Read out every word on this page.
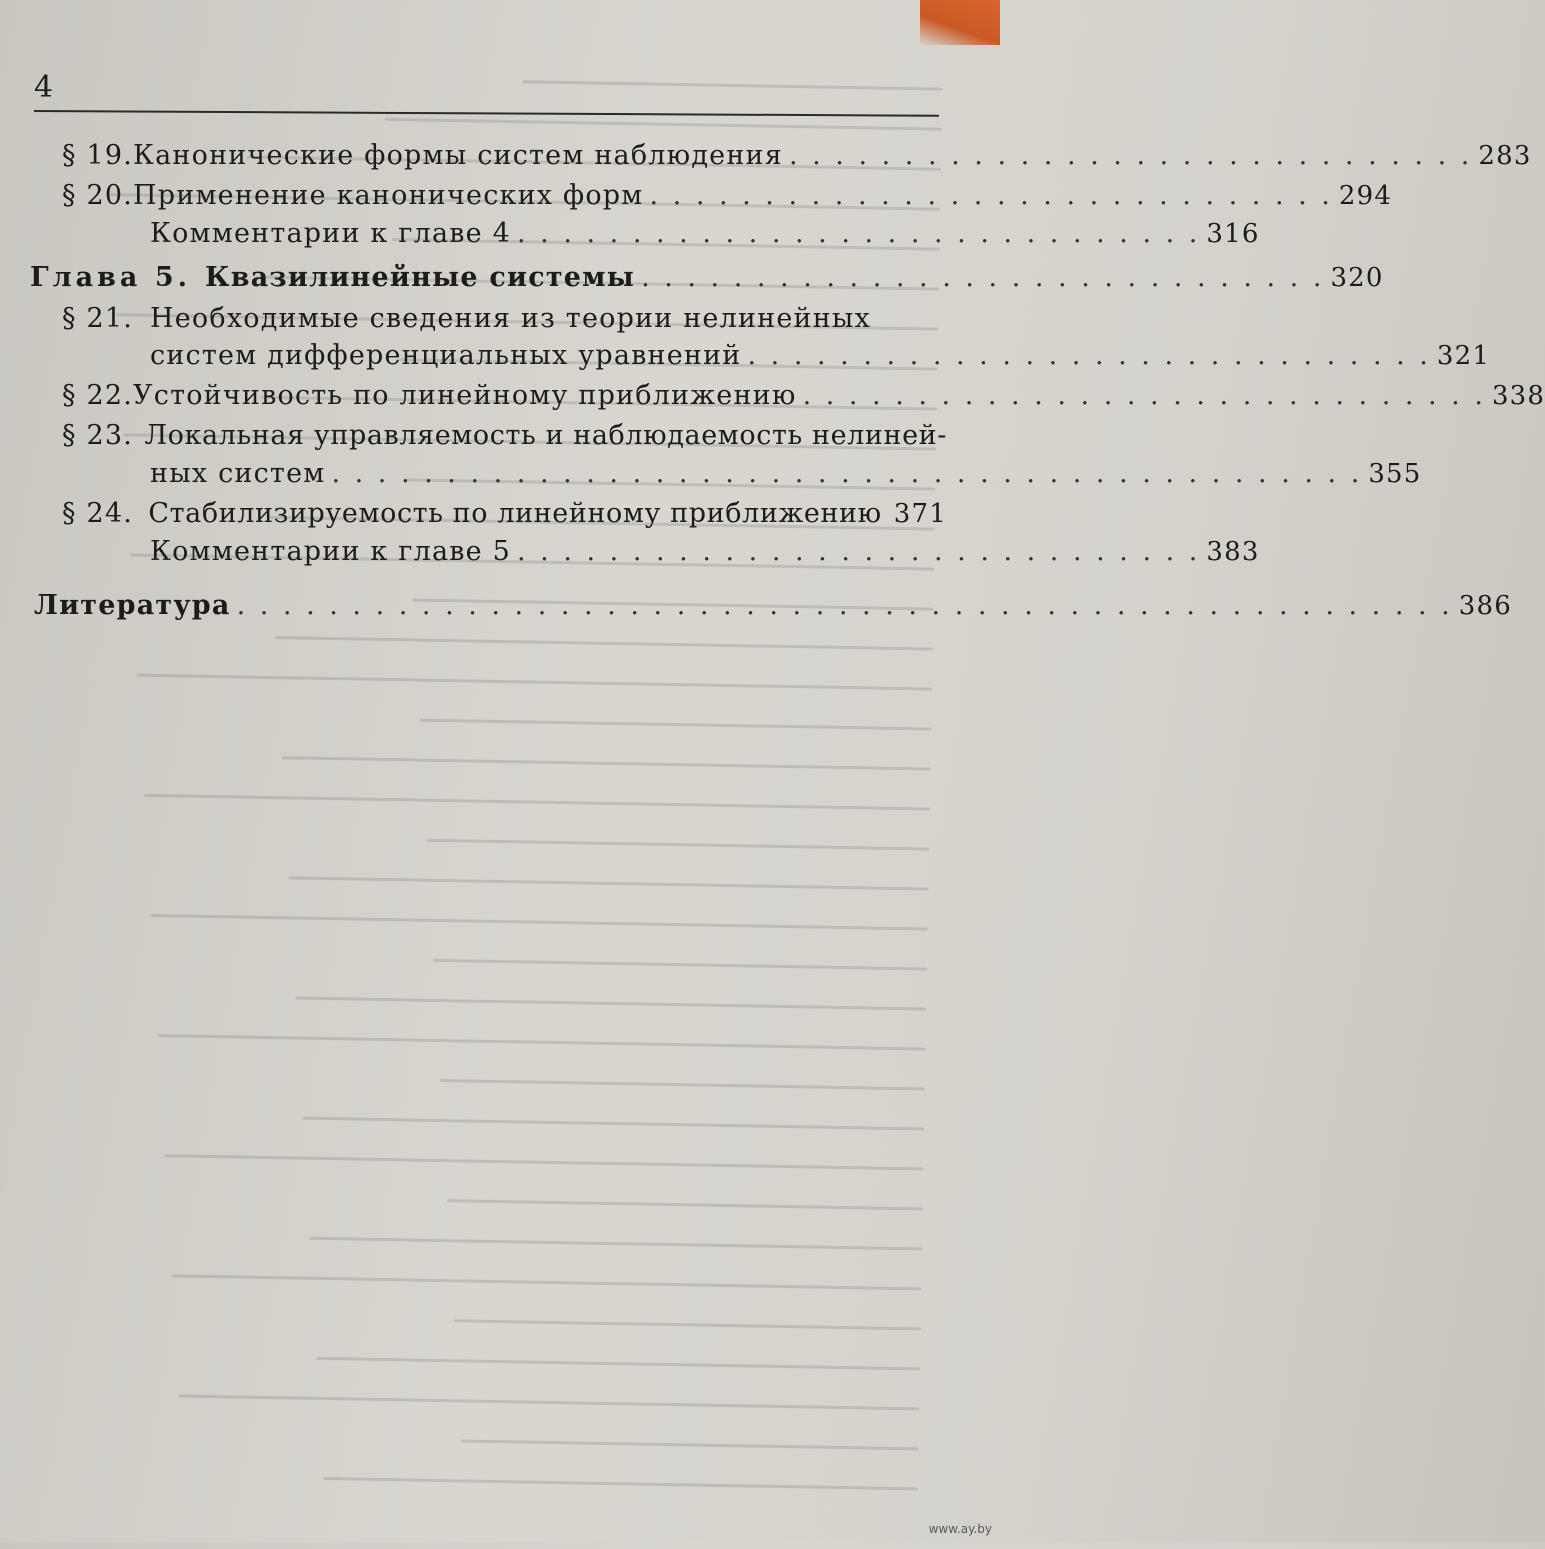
4
§ 19. Канонические формы систем наблюдения . . . . . . . . . . . . . . . . . . . . . . . . . . . . . . 283
§ 20. Применение канонических форм . . . . . . . . . . . . . . . . . . . . . . . . . . . . . . 294
Комментарии к главе 4 . . . . . . . . . . . . . . . . . . . . . . . . . . . . . . 316
Глава 5. Квазилинейные системы . . . . . . . . . . . . . . . . . . . . . . . . . . . . . . 320
§ 21. Необходимые сведения из теории нелинейных
систем дифференциальных уравнений . . . . . . . . . . . . . . . . . . . . . . . . . . . . . . 321
§ 22. Устойчивость по линейному приближению . . . . . . . . . . . . . . . . . . . . . . . . . . . . . . 338
§ 23. Локальная управляемость и наблюдаемость нелиней-
ных систем . . . . . . . . . . . . . . . . . . . . . . . . . . . . . . . . . . . . . . . . . . . . . 355
§ 24. Стабилизируемость по линейному приближению 371
Комментарии к главе 5 . . . . . . . . . . . . . . . . . . . . . . . . . . . . . . 383
Литература . . . . . . . . . . . . . . . . . . . . . . . . . . . . . . . . . . . . . . . . . . . . . . . . . . . . . 386
www.ay.by
